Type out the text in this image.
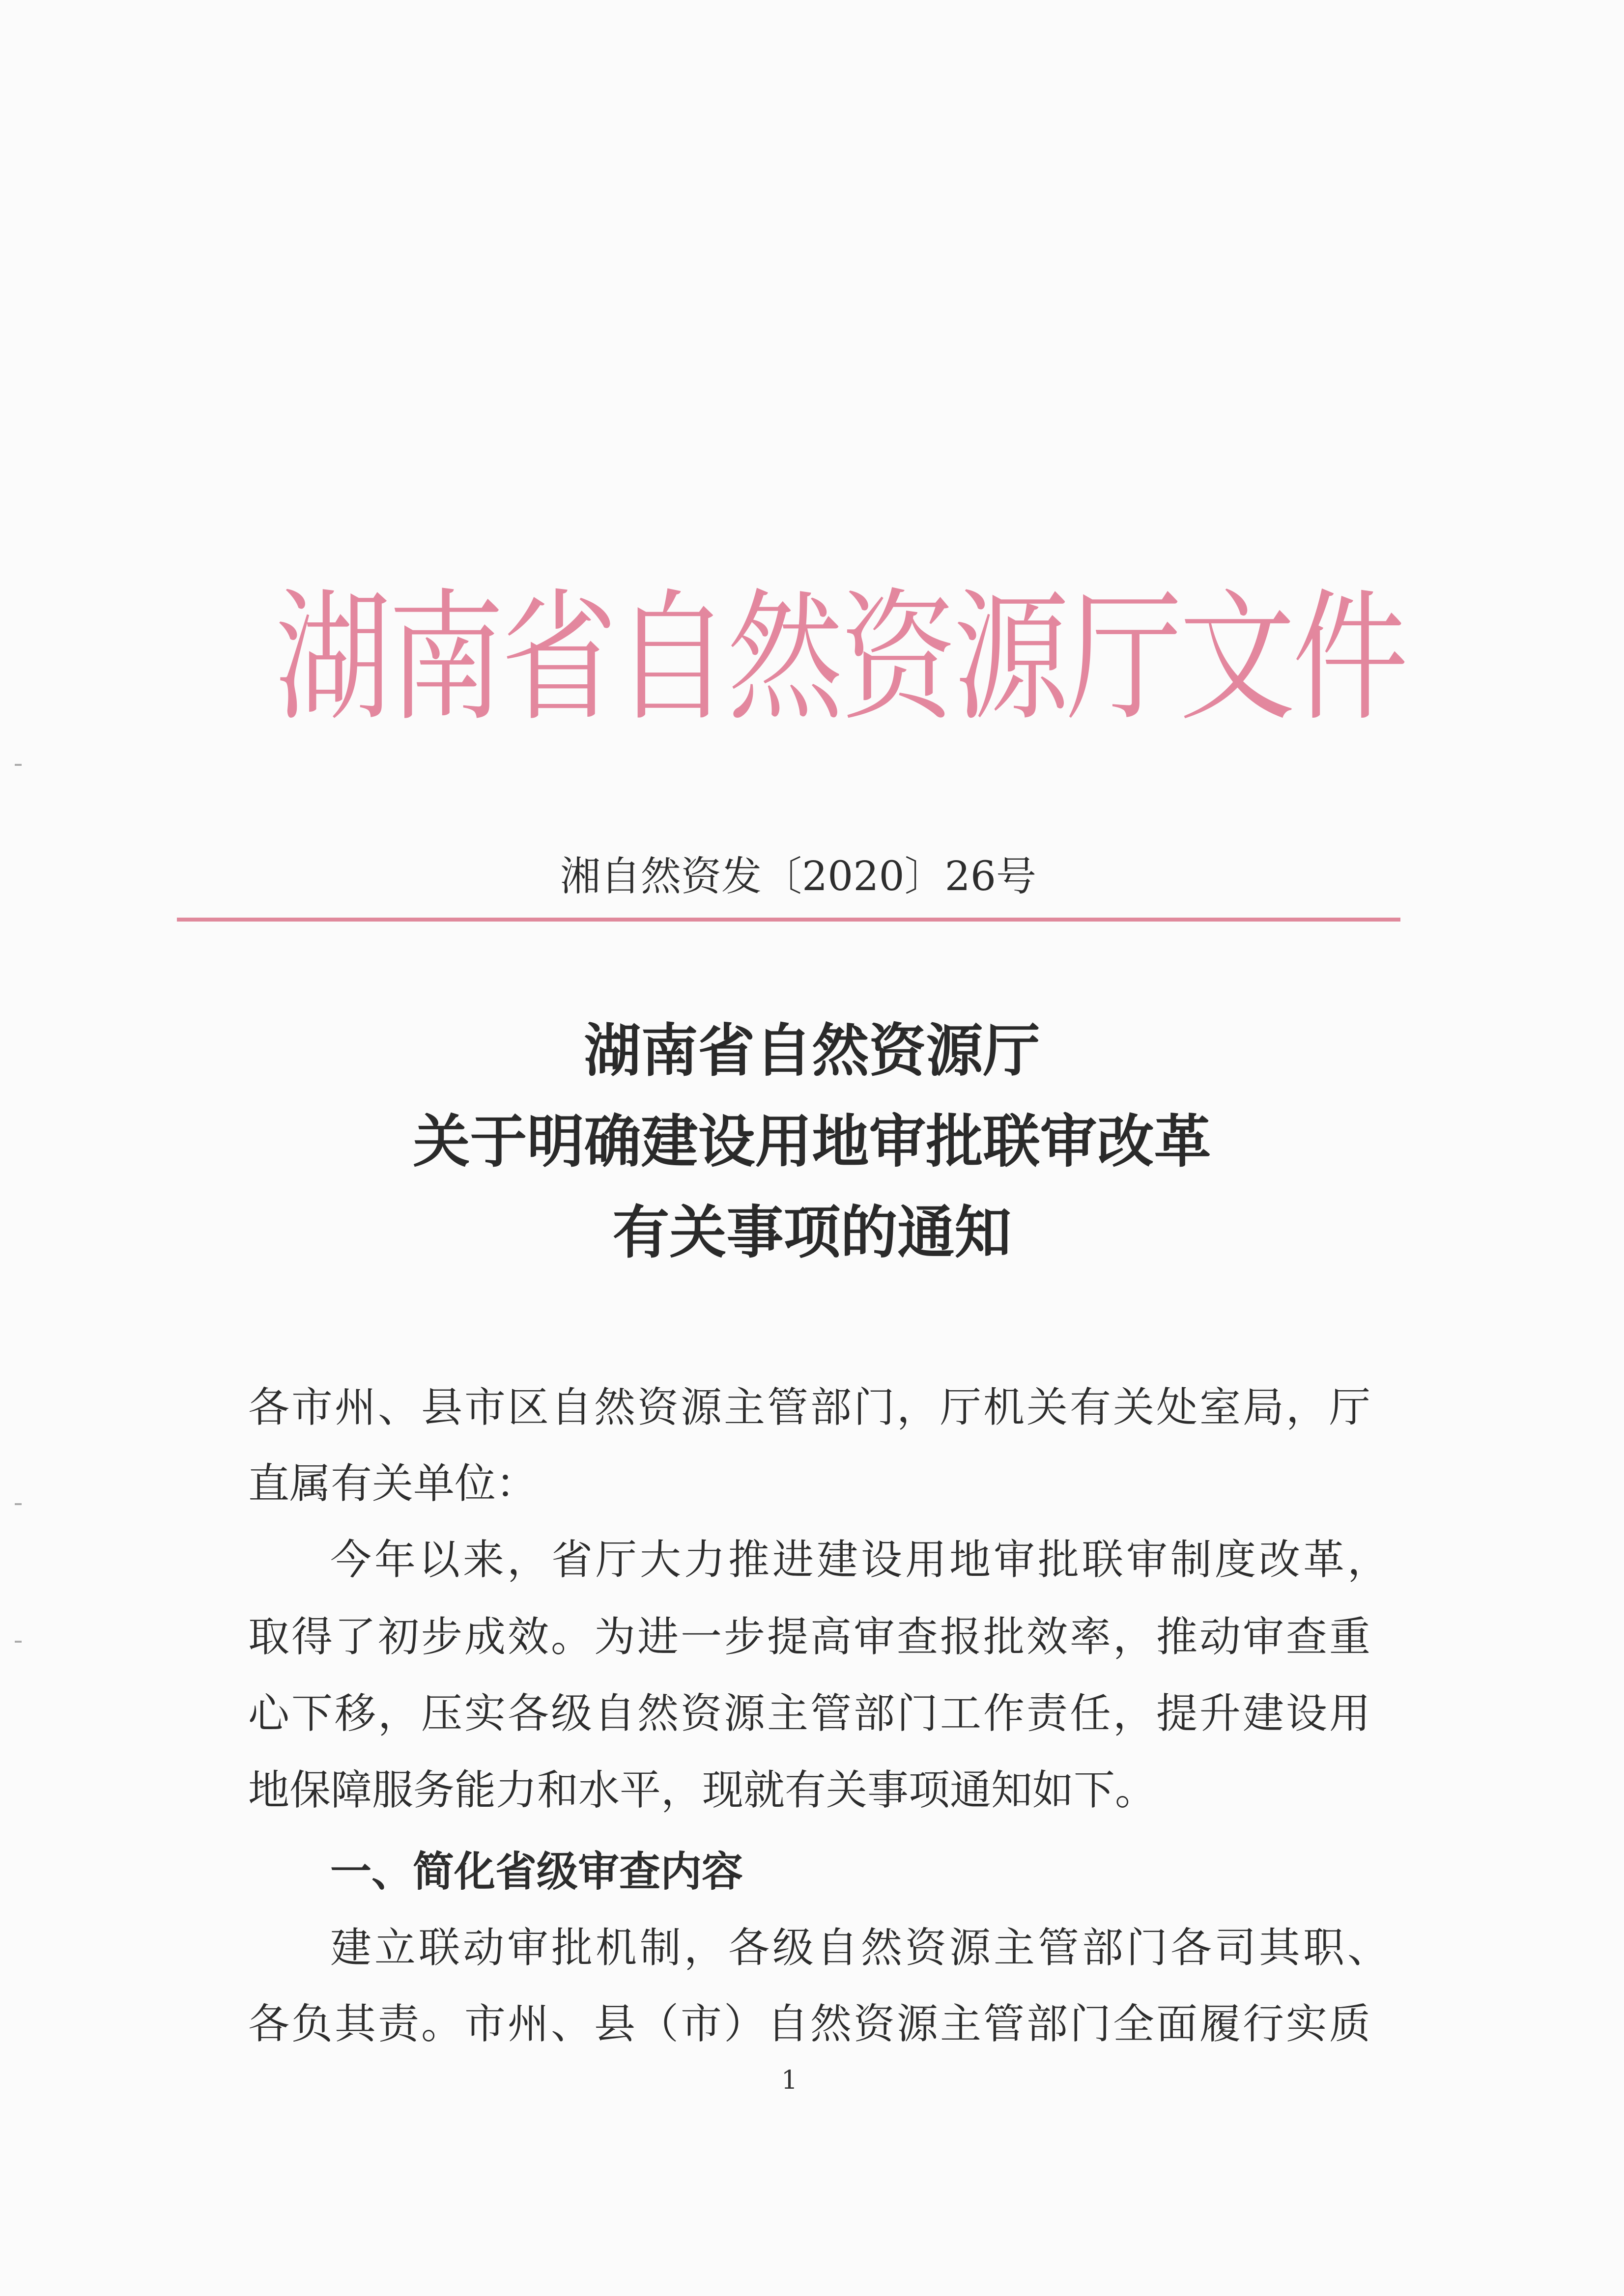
湖南省自然资源厅文件
湘自然资发〔2020〕26号
湖南省自然资源厅
关于明确建设用地审批联审改革
有关事项的通知
各市州、县市区自然资源主管部门，厅机关有关处室局，厅
直属有关单位：
今年以来，省厅大力推进建设用地审批联审制度改革，
取得了初步成效。为进一步提高审查报批效率，推动审查重
心下移，压实各级自然资源主管部门工作责任，提升建设用
地保障服务能力和水平，现就有关事项通知如下。
一、简化省级审查内容
建立联动审批机制，各级自然资源主管部门各司其职、
各负其责。市州、县（市）自然资源主管部门全面履行实质
1
